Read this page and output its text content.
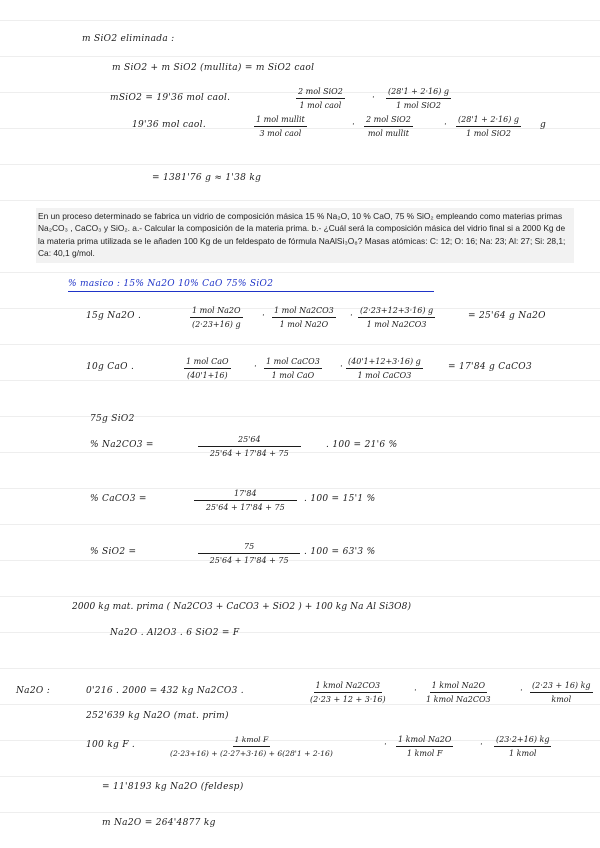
m SiO2 eliminada :
m SiO2 + m SiO2 (mullita) = m SiO2 caol
mSiO2 = 19'36 mol caol.
2 mol SiO2
1 mol caol
·
(28'1 + 2·16) g
1 mol SiO2
19'36 mol caol.
1 mol mullit
3 mol caol
·
2 mol SiO2
mol mullit
·
(28'1 + 2·16) g
1 mol SiO2
g
= 1381'76 g ≈ 1'38 kg
En un proceso determinado se fabrica un vidrio de composición másica 15 % Na₂O, 10 % CaO, 75 % SiO₂ empleando como materias primas Na₂CO₃ , CaCO₃ y SiO₂. a.- Calcular la composición de la materia prima. b.- ¿Cuál será la composición másica del vidrio final si a 2000 Kg de la materia prima utilizada se le añaden 100 Kg de un feldespato de fórmula NaAlSi₃O₈? Masas atómicas: C: 12; O: 16; Na: 23; Al: 27; Si: 28,1; Ca: 40,1 g/mol.
% masico : 15% Na2O 10% CaO 75% SiO2
15g Na2O .
1 mol Na2O
(2·23+16) g
·
1 mol Na2CO3
1 mol Na2O
·
(2·23+12+3·16) g
1 mol Na2CO3
= 25'64 g Na2O
10g CaO .
1 mol CaO
(40'1+16)
·
1 mol CaCO3
1 mol CaO
·
(40'1+12+3·16) g
1 mol CaCO3
= 17'84 g CaCO3
75g SiO2
% Na2CO3 =	$\frac{25'64}{25'64 + 17'84 + 75}$	. 100 = 21'6 %
% CaCO3 =	$\frac{17'84}{25'64 + 17'84 + 75}$ . 100 = 15'1 %
% SiO2 =	$\frac{75}{25'64 + 17'84 + 75}$ . 100 = 63'3 %
2000 kg mat. prima ( Na2CO3 + CaCO3 + SiO2 ) + 100 kg Na Al Si3O8)
Na2O . Al2O3 . 6 SiO2 = F
Na2O :	0'216 . 2000 = 432 kg Na2CO3 .
1 kmol Na2CO3
(2·23 + 12 + 3·16)
·
1 kmol Na2O
1 kmol Na2CO3
·
(2·23 + 16) kg
kmol
252'639 kg Na2O (mat. prim)
100 kg F .
1 kmol F
(2·23+16) + (2·27+3·16) + 6(28'1 + 2·16)
·
1 kmol Na2O
1 kmol F
·
(23·2+16) kg
1 kmol
= 11'8193 kg Na2O (feldesp)
m Na2O = 264'4877 kg
